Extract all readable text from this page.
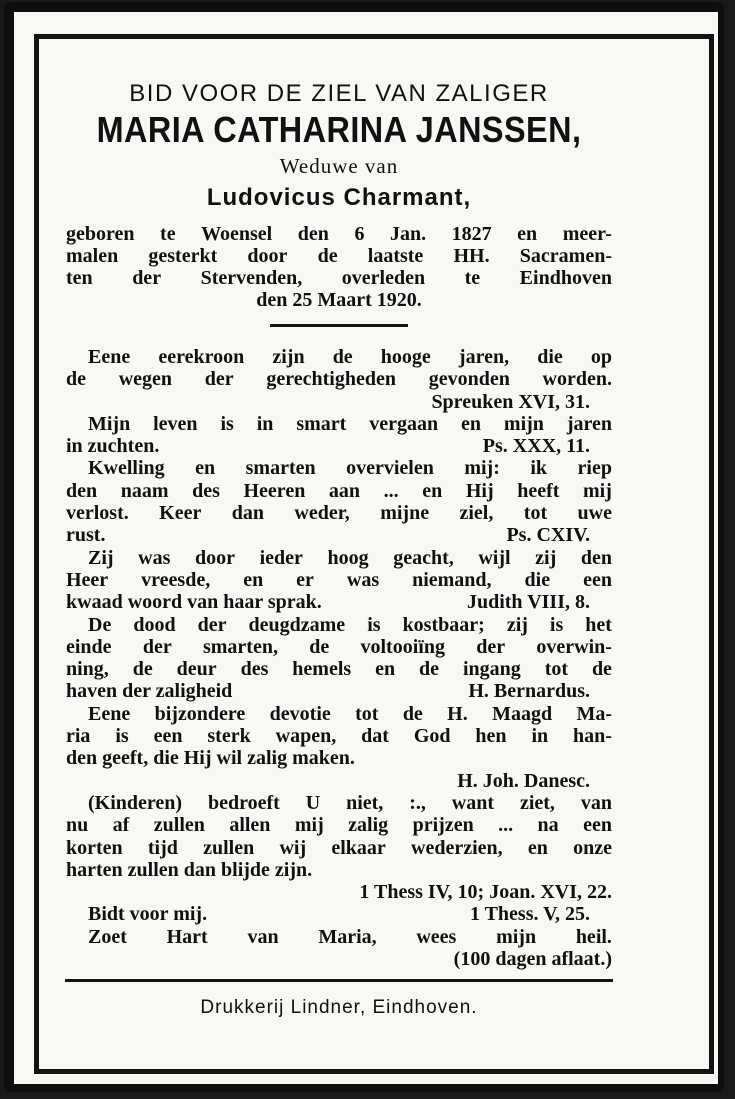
BID VOOR DE ZIEL VAN ZALIGER
MARIA CATHARINA JANSSEN,
Weduwe van
Ludovicus Charmant,
geboren te Woensel den 6 Jan. 1827 en meer-
malen gesterkt door de laatste HH. Sacramen-
ten der Stervenden, overleden te Eindhoven
den 25 Maart 1920.
Eene eerekroon zijn de hooge jaren, die op
de wegen der gerechtigheden gevonden worden.
Spreuken XVI, 31.
Mijn leven is in smart vergaan en mijn jaren
in zuchten.	Ps. XXX, 11.
Kwelling en smarten overvielen mij: ik riep
den naam des Heeren aan ... en Hij heeft mij
verlost. Keer dan weder, mijne ziel, tot uwe
rust.	Ps. CXIV.
Zij was door ieder hoog geacht, wijl zij den
Heer vreesde, en er was niemand, die een
kwaad woord van haar sprak.	Judith VIII, 8.
De dood der deugdzame is kostbaar; zij is het
einde der smarten, de voltooiïng der overwin-
ning, de deur des hemels en de ingang tot de
haven der zaligheid	H. Bernardus.
Eene bijzondere devotie tot de H. Maagd Ma-
ria is een sterk wapen, dat God hen in han-
den geeft, die Hij wil zalig maken.
H. Joh. Danesc.
(Kinderen) bedroeft U niet, :., want ziet, van
nu af zullen allen mij zalig prijzen ... na een
korten tijd zullen wij elkaar wederzien, en onze
harten zullen dan blijde zijn.
1 Thess IV, 10; Joan. XVI, 22.
Bidt voor mij.	1 Thess. V, 25.
Zoet Hart van Maria, wees mijn heil.
(100 dagen aflaat.)
Drukkerij Lindner, Eindhoven.
